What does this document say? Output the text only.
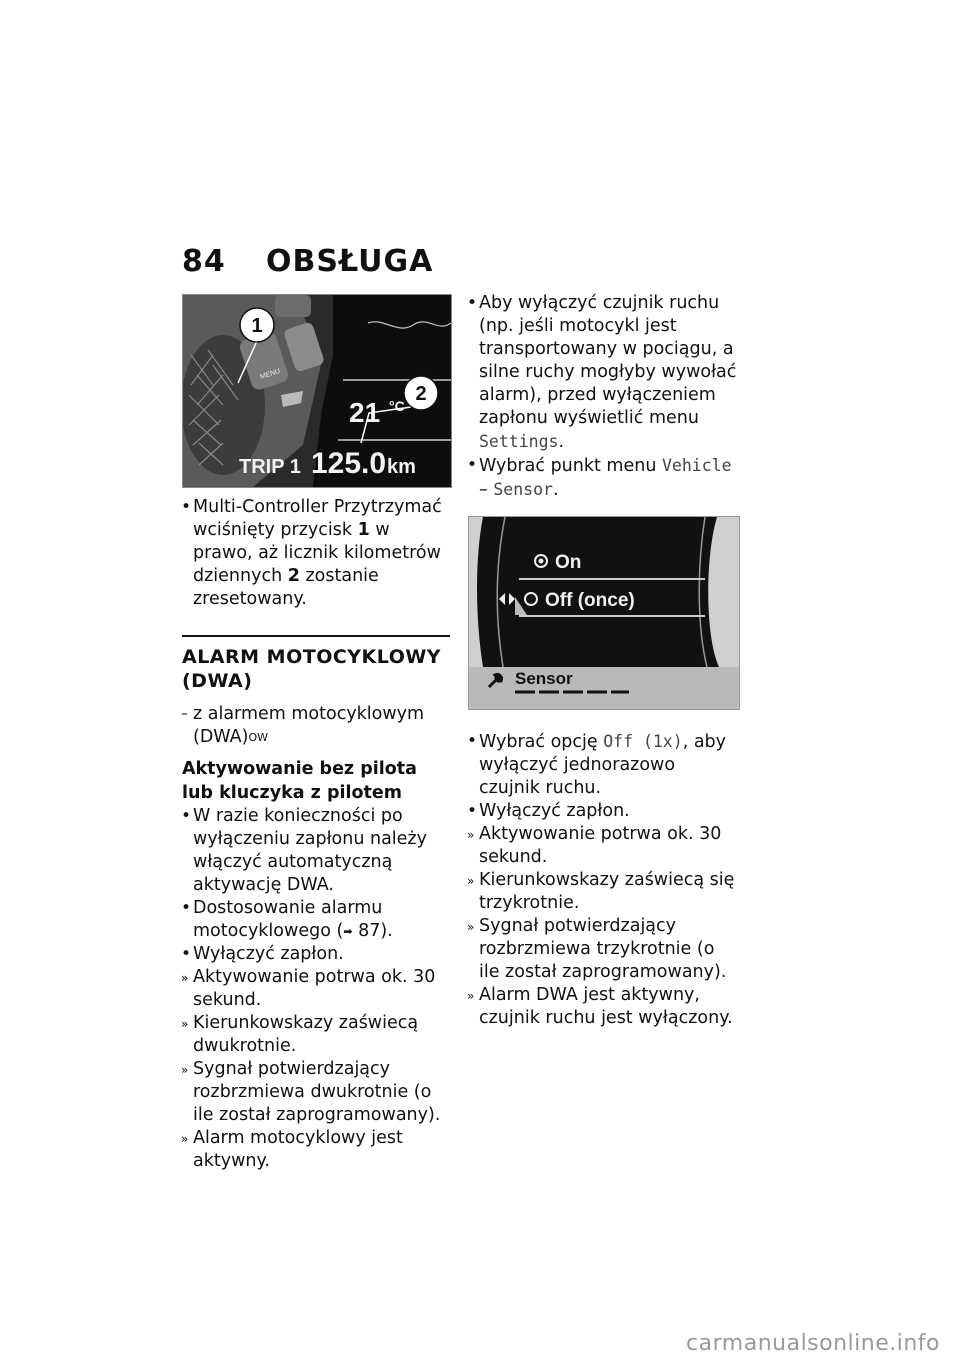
84 OBSŁUGA
21 °C
TRIP 1 125.0 km
MENU
1
2

• Multi-Controller Przytrzymać wciśnięty przycisk 1 w prawo, aż licznik kilometrów dziennych 2 zostanie zresetowany.

ALARM MOTOCYKLOWY (DWA)

– z alarmem motocyklowym (DWA)$^{OW}$

Aktywowanie bez pilota lub kluczyka z pilotem

• W razie konieczności po wyłączeniu zapłonu należy włączyć automatyczną aktywację DWA.

• Dostosowanie alarmu motocyklowego (➡ 87).

• Wyłączyć zapłon.

» Aktywowanie potrwa ok. 30 sekund.

» Kierunkowskazy zaświecą dwukrotnie.

» Sygnał potwierdzający rozbrzmiewa dwukrotnie (o ile został zaprogramowany).

» Alarm motocyklowy jest aktywny.

• Aby wyłączyć czujnik ruchu (np. jeśli motocykl jest transportowany w pociągu, a silne ruchy mogłyby wywołać alarm), przed wyłączeniem zapłonu wyświetlić menu Settings.

• Wybrać punkt menu Vehicle – Sensor.

On
Off (once)
Sensor

• Wybrać opcję Off (1x), aby wyłączyć jednorazowo czujnik ruchu.

• Wyłączyć zapłon.

» Aktywowanie potrwa ok. 30 sekund.

» Kierunkowskazy zaświecą się trzykrotnie.

» Sygnał potwierdzający rozbrzmiewa trzykrotnie (o ile został zaprogramowany).

» Alarm DWA jest aktywny, czujnik ruchu jest wyłączony.

carmanualsonline.info
